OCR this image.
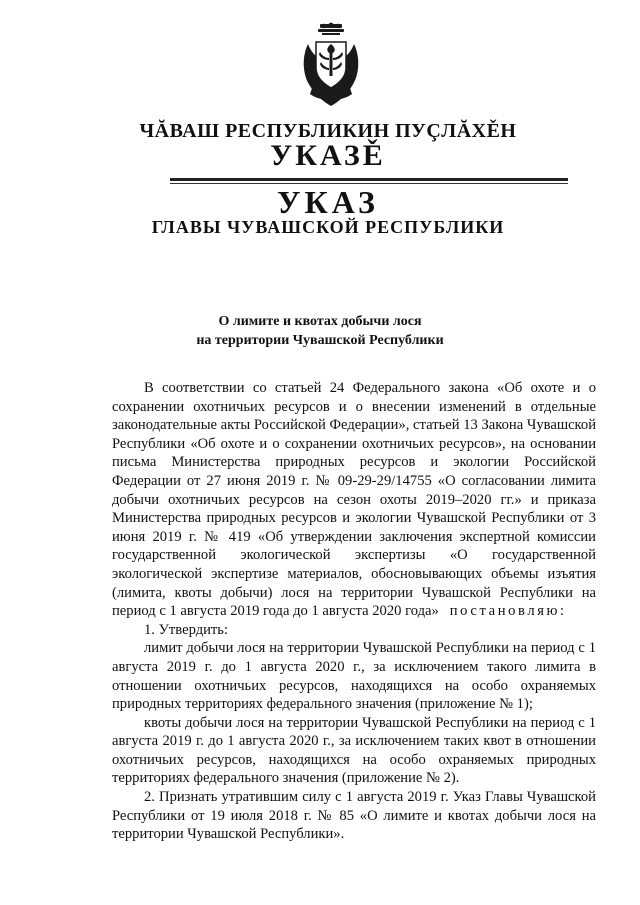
ЧĂВАШ РЕСПУБЛИКИН ПУÇЛĂХĚН
УКАЗĚ
УКАЗ
ГЛАВЫ ЧУВАШСКОЙ РЕСПУБЛИКИ
О лимите и квотах добычи лося
на территории Чувашской Республики

В соответствии со статьей 24 Федерального закона «Об охоте и о сохранении охотничьих ресурсов и о внесении изменений в отдельные законодательные акты Российской Федерации», статьей 13 Закона Чувашской Республики «Об охоте и о сохранении охотничьих ресурсов», на основании письма Министерства природных ресурсов и экологии Российской Федерации от 27 июня 2019 г. № 09-29-29/14755 «О согласовании лимита добычи охотничьих ресурсов на сезон охоты 2019–2020 гг.» и приказа Министерства природных ресурсов и экологии Чувашской Республики от 3 июня 2019 г. № 419 «Об утверждении заключения экспертной комиссии государственной экологической экспертизы «О государственной экологической экспертизе материалов, обосновывающих объемы изъятия (лимита, квоты добычи) лося на территории Чувашской Республики на период с 1 августа 2019 года до 1 августа 2020 года» постановляю:

1. Утвердить:

лимит добычи лося на территории Чувашской Республики на период с 1 августа 2019 г. до 1 августа 2020 г., за исключением такого лимита в отношении охотничьих ресурсов, находящихся на особо охраняемых природных территориях федерального значения (приложение № 1);

квоты добычи лося на территории Чувашской Республики на период с 1 августа 2019 г. до 1 августа 2020 г., за исключением таких квот в отношении охотничьих ресурсов, находящихся на особо охраняемых природных территориях федерального значения (приложение № 2).

2. Признать утратившим силу с 1 августа 2019 г. Указ Главы Чувашской Республики от 19 июля 2018 г. № 85 «О лимите и квотах добычи лося на территории Чувашской Республики».
